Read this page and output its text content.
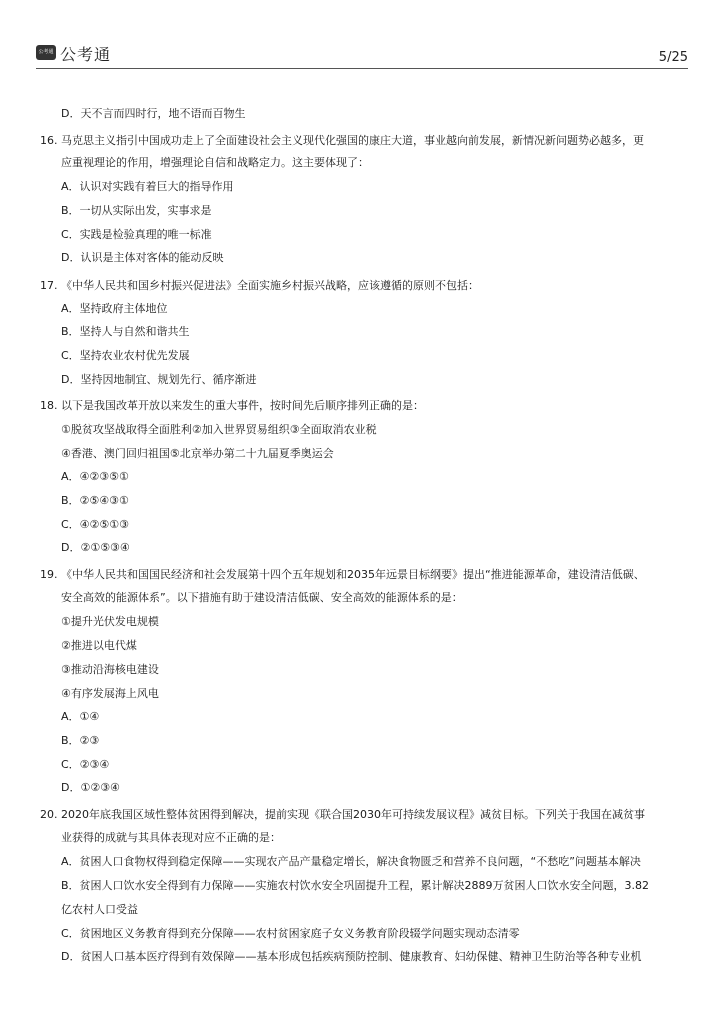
公考通 公考通	5/25
D．天不言而四时行，地不语而百物生
16. 马克思主义指引中国成功走上了全面建设社会主义现代化强国的康庄大道，事业越向前发展，新情况新问题势必越多，更
应重视理论的作用，增强理论自信和战略定力。这主要体现了：
A．认识对实践有着巨大的指导作用
B．一切从实际出发，实事求是
C．实践是检验真理的唯一标准
D．认识是主体对客体的能动反映
17. 《中华人民共和国乡村振兴促进法》全面实施乡村振兴战略，应该遵循的原则不包括：
A．坚持政府主体地位
B．坚持人与自然和谐共生
C．坚持农业农村优先发展
D．坚持因地制宜、规划先行、循序渐进
18. 以下是我国改革开放以来发生的重大事件，按时间先后顺序排列正确的是：
①脱贫攻坚战取得全面胜利②加入世界贸易组织③全面取消农业税
④香港、澳门回归祖国⑤北京举办第二十九届夏季奥运会
A．④②③⑤①
B．②⑤④③①
C．④②⑤①③
D．②①⑤③④
19. 《中华人民共和国国民经济和社会发展第十四个五年规划和2035年远景目标纲要》提出“推进能源革命，建设清洁低碳、
安全高效的能源体系”。以下措施有助于建设清洁低碳、安全高效的能源体系的是：
①提升光伏发电规模
②推进以电代煤
③推动沿海核电建设
④有序发展海上风电
A．①④
B．②③
C．②③④
D．①②③④
20. 2020年底我国区域性整体贫困得到解决，提前实现《联合国2030年可持续发展议程》减贫目标。下列关于我国在减贫事
业获得的成就与其具体表现对应不正确的是：
A．贫困人口食物权得到稳定保障——实现农产品产量稳定增长，解决食物匮乏和营养不良问题，“不愁吃”问题基本解决
B．贫困人口饮水安全得到有力保障——实施农村饮水安全巩固提升工程，累计解决2889万贫困人口饮水安全问题，3.82
亿农村人口受益
C．贫困地区义务教育得到充分保障——农村贫困家庭子女义务教育阶段辍学问题实现动态清零
D．贫困人口基本医疗得到有效保障——基本形成包括疾病预防控制、健康教育、妇幼保健、精神卫生防治等各种专业机
